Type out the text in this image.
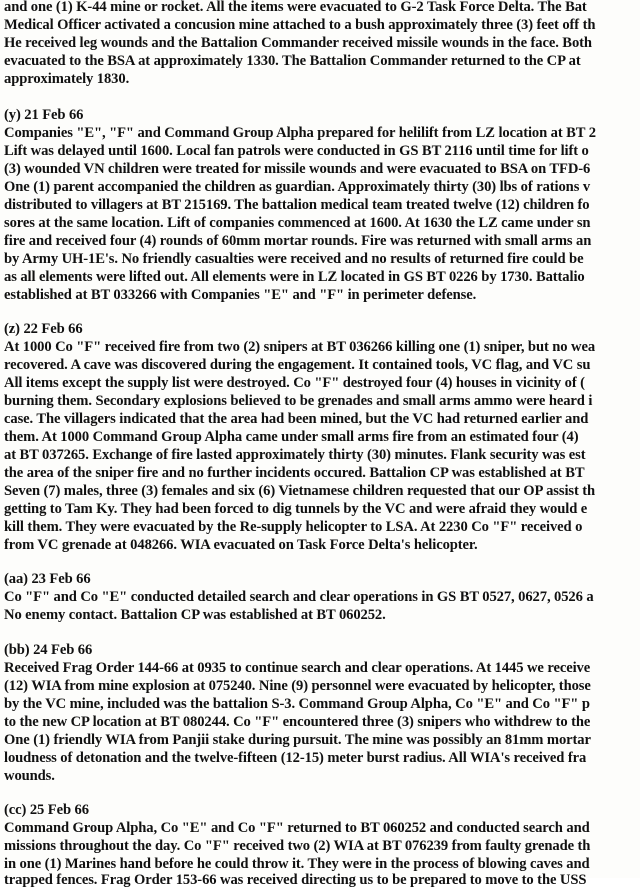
and one (1) K-44 mine or rocket. All the items were evacuated to G-2 Task Force Delta. The Bat
Medical Officer activated a concusion mine attached to a bush approximately three (3) feet off th
He received leg wounds and the Battalion Commander received missile wounds in the face. Both
evacuated to the BSA at approximately 1330. The Battalion Commander returned to the CP at
approximately 1830.
(y) 21 Feb 66
Companies "E", "F" and Command Group Alpha prepared for helilift from LZ location at BT 2
Lift was delayed until 1600. Local fan patrols were conducted in GS BT 2116 until time for lift o
(3) wounded VN children were treated for missile wounds and were evacuated to BSA on TFD-6
One (1) parent accompanied the children as guardian. Approximately thirty (30) lbs of rations v
distributed to villagers at BT 215169. The battalion medical team treated twelve (12) children fo
sores at the same location. Lift of companies commenced at 1600. At 1630 the LZ came under sn
fire and received four (4) rounds of 60mm mortar rounds. Fire was returned with small arms an
by Army UH-1E's. No friendly casualties were received and no results of returned fire could be
as all elements were lifted out. All elements were in LZ located in GS BT 0226 by 1730. Battalio
established at BT 033266 with Companies "E" and "F" in perimeter defense.
(z) 22 Feb 66
At 1000 Co "F" received fire from two (2) snipers at BT 036266 killing one (1) sniper, but no wea
recovered. A cave was discovered during the engagement. It contained tools, VC flag, and VC su
All items except the supply list were destroyed. Co "F" destroyed four (4) houses in vicinity of (
burning them. Secondary explosions believed to be grenades and small arms ammo were heard i
case. The villagers indicated that the area had been mined, but the VC had returned earlier and
them. At 1000 Command Group Alpha came under small arms fire from an estimated four (4)
at BT 037265. Exchange of fire lasted approximately thirty (30) minutes. Flank security was est
the area of the sniper fire and no further incidents occured. Battalion CP was established at BT
Seven (7) males, three (3) females and six (6) Vietnamese children requested that our OP assist th
getting to Tam Ky. They had been forced to dig tunnels by the VC and were afraid they would e
kill them. They were evacuated by the Re-supply helicopter to LSA. At 2230 Co "F" received o
from VC grenade at 048266. WIA evacuated on Task Force Delta's helicopter.
(aa) 23 Feb 66
Co "F" and Co "E" conducted detailed search and clear operations in GS BT 0527, 0627, 0526 a
No enemy contact. Battalion CP was established at BT 060252.
(bb) 24 Feb 66
Received Frag Order 144-66 at 0935 to continue search and clear operations. At 1445 we receive
(12) WIA from mine explosion at 075240. Nine (9) personnel were evacuated by helicopter, those
by the VC mine, included was the battalion S-3. Command Group Alpha, Co "E" and Co "F" p
to the new CP location at BT 080244. Co "F" encountered three (3) snipers who withdrew to the
One (1) friendly WIA from Panjii stake during pursuit. The mine was possibly an 81mm mortar
loudness of detonation and the twelve-fifteen (12-15) meter burst radius. All WIA's received fra
wounds.
(cc) 25 Feb 66
Command Group Alpha, Co "E" and Co "F" returned to BT 060252 and conducted search and
missions throughout the day. Co "F" received two (2) WIA at BT 076239 from faulty grenade th
in one (1) Marines hand before he could throw it. They were in the process of blowing caves and
trapped fences. Frag Order 153-66 was received directing us to be prepared to move to the USS
